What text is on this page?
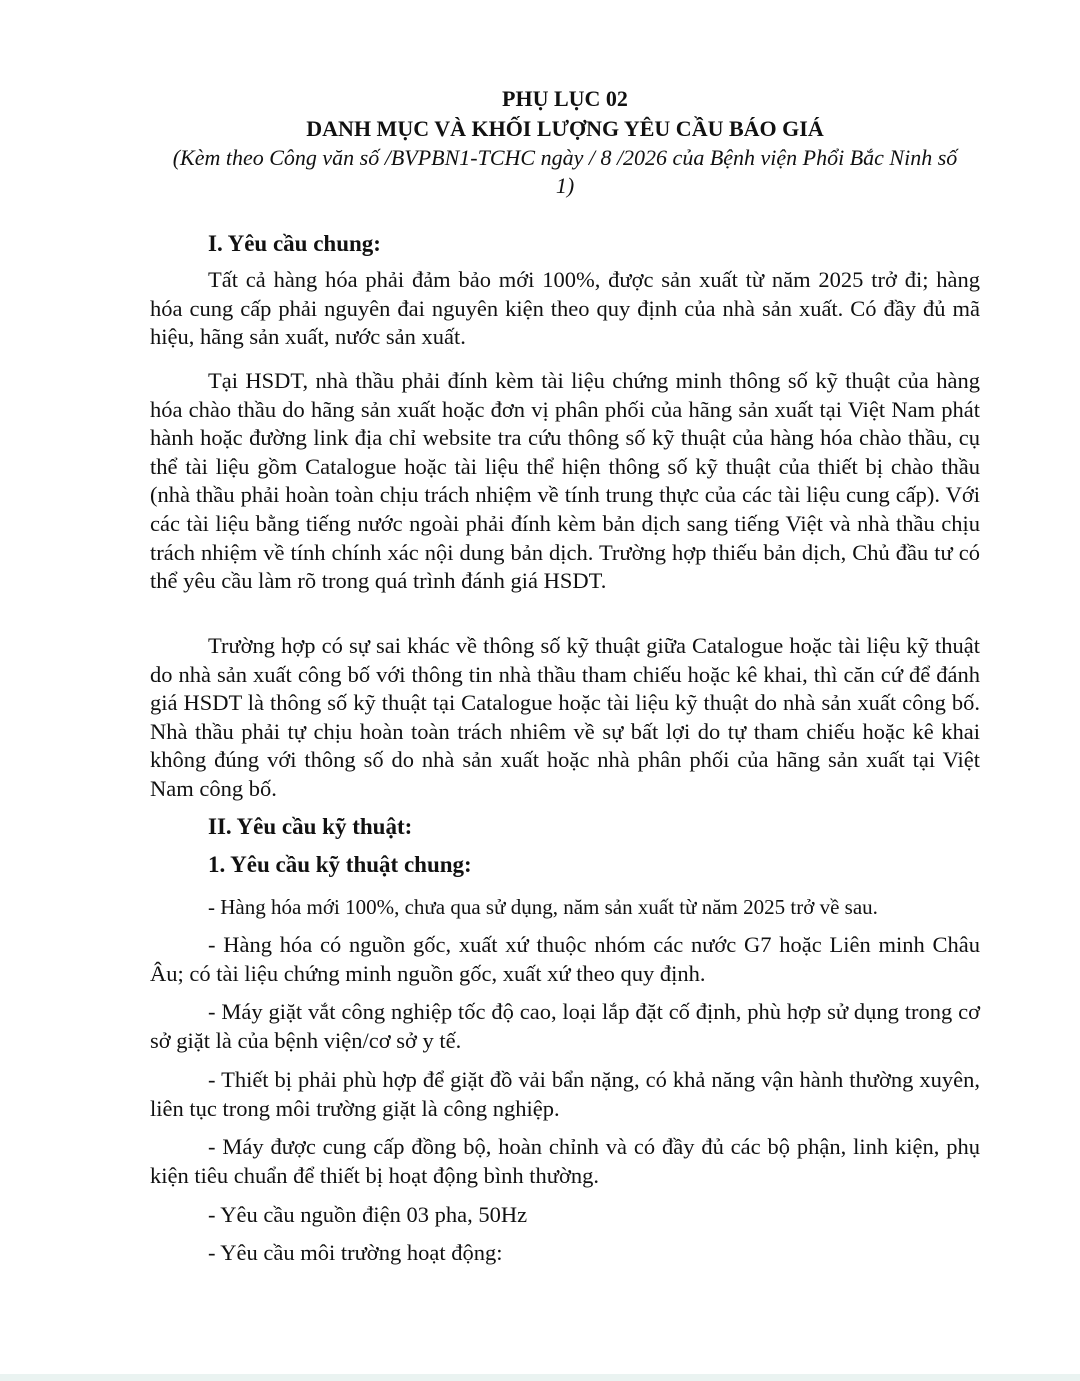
PHỤ LỤC 02
DANH MỤC VÀ KHỐI LƯỢNG YÊU CẦU BÁO GIÁ
(Kèm theo Công văn số /BVPBN1-TCHC ngày / 8 /2026 của Bệnh viện Phổi Bắc Ninh số 1)
I. Yêu cầu chung:

Tất cả hàng hóa phải đảm bảo mới 100%, được sản xuất từ năm 2025 trở đi; hàng hóa cung cấp phải nguyên đai nguyên kiện theo quy định của nhà sản xuất. Có đầy đủ mã hiệu, hãng sản xuất, nước sản xuất.

Tại HSDT, nhà thầu phải đính kèm tài liệu chứng minh thông số kỹ thuật của hàng hóa chào thầu do hãng sản xuất hoặc đơn vị phân phối của hãng sản xuất tại Việt Nam phát hành hoặc đường link địa chỉ website tra cứu thông số kỹ thuật của hàng hóa chào thầu, cụ thể tài liệu gồm Catalogue hoặc tài liệu thể hiện thông số kỹ thuật của thiết bị chào thầu (nhà thầu phải hoàn toàn chịu trách nhiệm về tính trung thực của các tài liệu cung cấp). Với các tài liệu bằng tiếng nước ngoài phải đính kèm bản dịch sang tiếng Việt và nhà thầu chịu trách nhiệm về tính chính xác nội dung bản dịch. Trường hợp thiếu bản dịch, Chủ đầu tư có thể yêu cầu làm rõ trong quá trình đánh giá HSDT.

Trường hợp có sự sai khác về thông số kỹ thuật giữa Catalogue hoặc tài liệu kỹ thuật do nhà sản xuất công bố với thông tin nhà thầu tham chiếu hoặc kê khai, thì căn cứ để đánh giá HSDT là thông số kỹ thuật tại Catalogue hoặc tài liệu kỹ thuật do nhà sản xuất công bố. Nhà thầu phải tự chịu hoàn toàn trách nhiêm về sự bất lợi do tự tham chiếu hoặc kê khai không đúng với thông số do nhà sản xuất hoặc nhà phân phối của hãng sản xuất tại Việt Nam công bố.

II. Yêu cầu kỹ thuật:
1. Yêu cầu kỹ thuật chung:

- Hàng hóa mới 100%, chưa qua sử dụng, năm sản xuất từ năm 2025 trở về sau.

- Hàng hóa có nguồn gốc, xuất xứ thuộc nhóm các nước G7 hoặc Liên minh Châu Âu; có tài liệu chứng minh nguồn gốc, xuất xứ theo quy định.

- Máy giặt vắt công nghiệp tốc độ cao, loại lắp đặt cố định, phù hợp sử dụng trong cơ sở giặt là của bệnh viện/cơ sở y tế.

- Thiết bị phải phù hợp để giặt đồ vải bẩn nặng, có khả năng vận hành thường xuyên, liên tục trong môi trường giặt là công nghiệp.

- Máy được cung cấp đồng bộ, hoàn chỉnh và có đầy đủ các bộ phận, linh kiện, phụ kiện tiêu chuẩn để thiết bị hoạt động bình thường.

- Yêu cầu nguồn điện 03 pha, 50Hz

- Yêu cầu môi trường hoạt động:
